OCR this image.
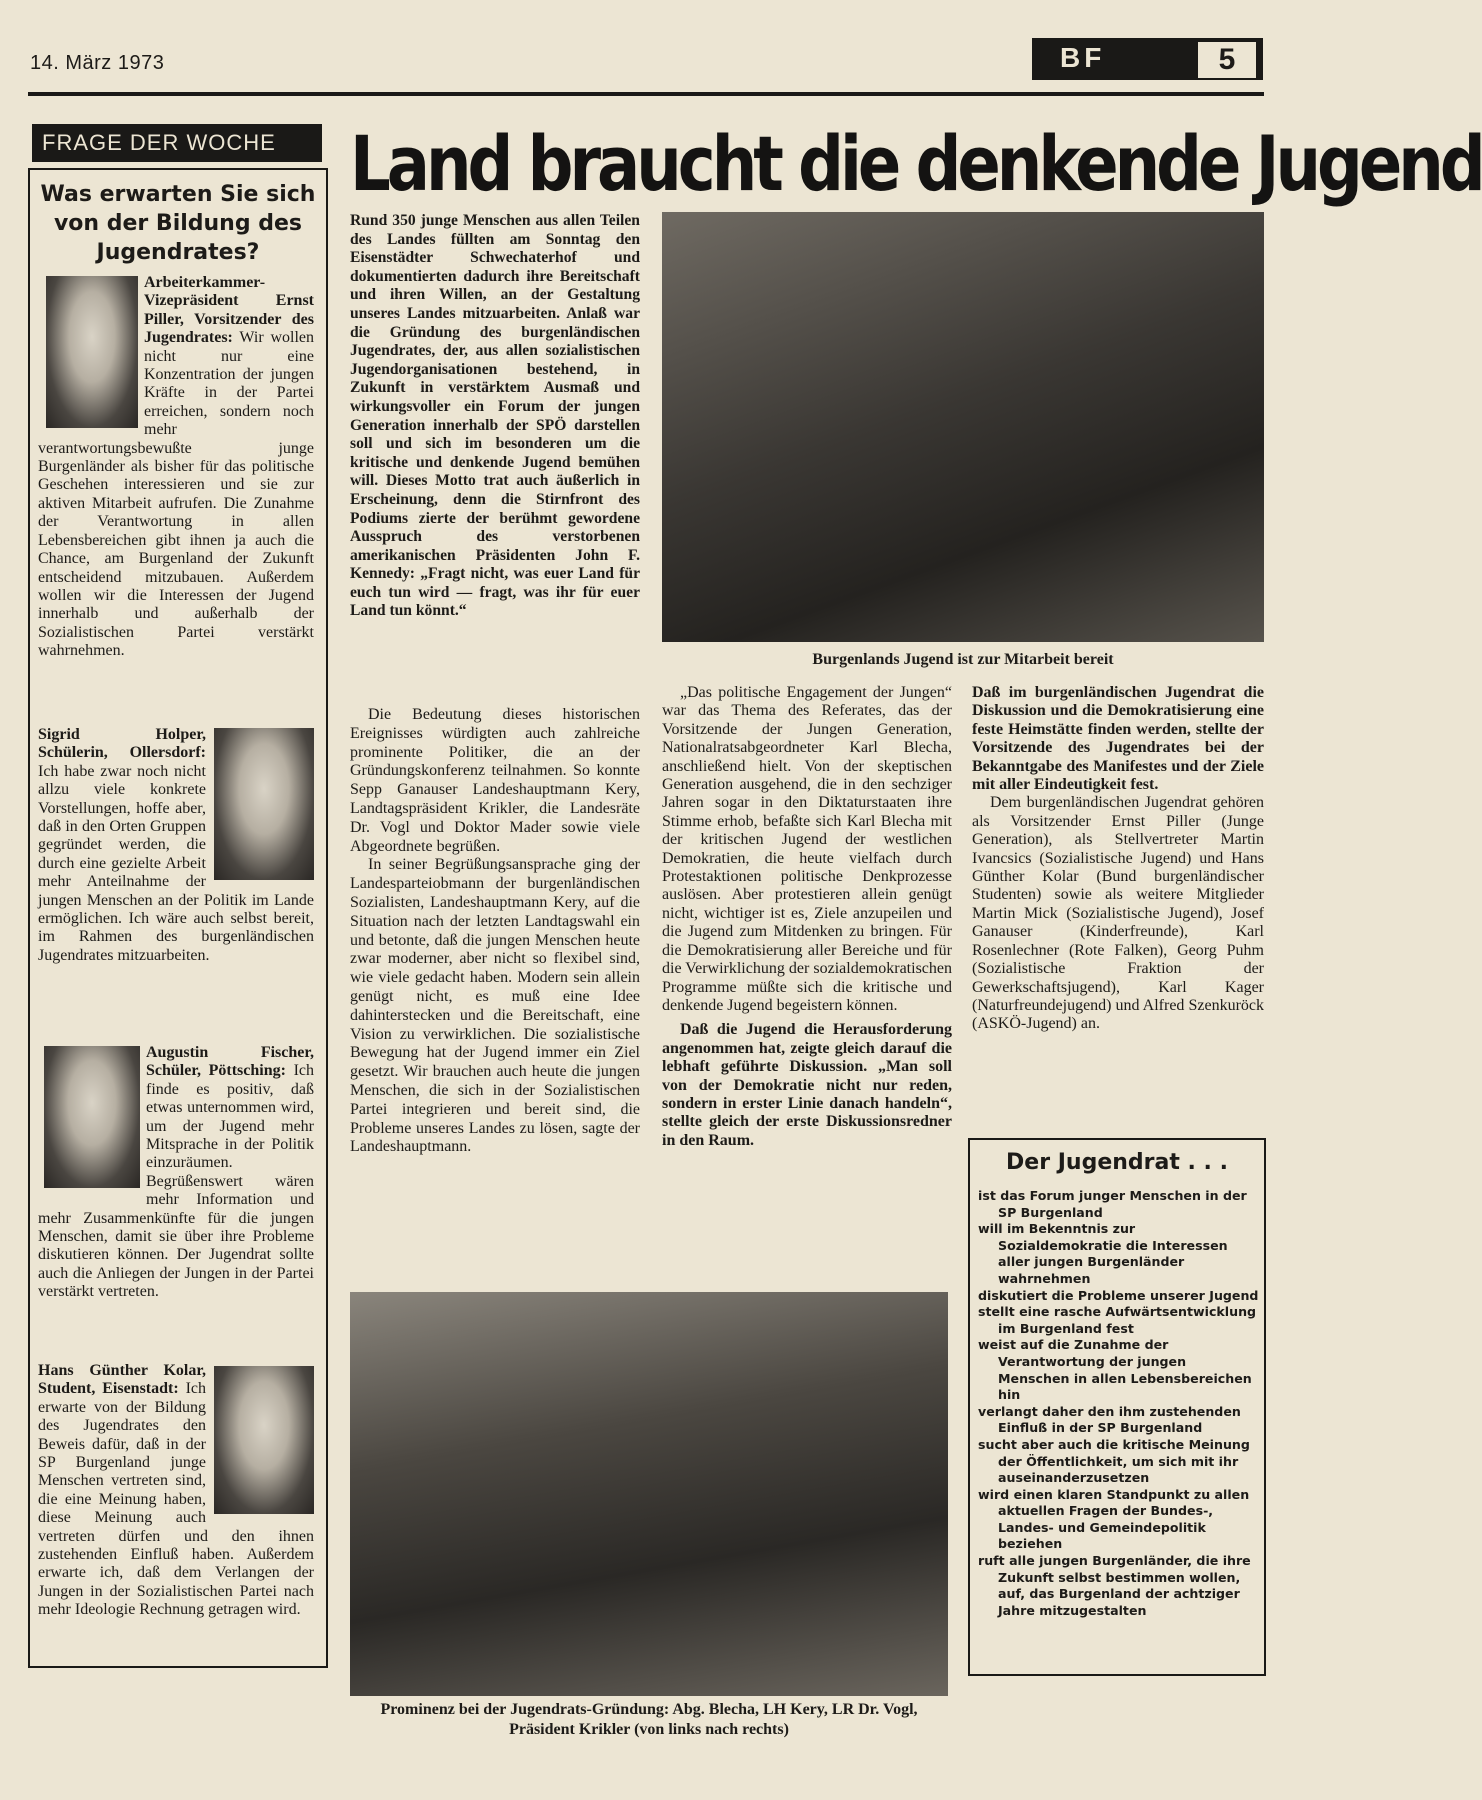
14. März 1973	BF	5
FRAGE DER WOCHE
Was erwarten Sie sich von der Bildung des Jugendrates?
Arbeiterkammer-Vizepräsident Ernst Piller, Vorsitzender des Jugendrates: Wir wollen nicht nur eine Konzentration der jungen Kräfte in der Partei erreichen, sondern noch mehr verantwortungsbewußte junge Burgenländer als bisher für das politische Geschehen interessieren und sie zur aktiven Mitarbeit aufrufen. Die Zunahme der Verantwortung in allen Lebensbereichen gibt ihnen ja auch die Chance, am Burgenland der Zukunft entscheidend mitzubauen. Außerdem wollen wir die Interessen der Jugend innerhalb und außerhalb der Sozialistischen Partei verstärkt wahrnehmen.
Sigrid Holper, Schülerin, Ollersdorf: Ich habe zwar noch nicht allzu viele konkrete Vorstellungen, hoffe aber, daß in den Orten Gruppen gegründet werden, die durch eine gezielte Arbeit mehr Anteilnahme der jungen Menschen an der Politik im Lande ermöglichen. Ich wäre auch selbst bereit, im Rahmen des burgenländischen Jugendrates mitzuarbeiten.
Augustin Fischer, Schüler, Pöttsching: Ich finde es positiv, daß etwas unternommen wird, um der Jugend mehr Mitsprache in der Politik einzuräumen. Begrüßenswert wären mehr Information und mehr Zusammenkünfte für die jungen Menschen, damit sie über ihre Probleme diskutieren können. Der Jugendrat sollte auch die Anliegen der Jungen in der Partei verstärkt vertreten.
Hans Günther Kolar, Student, Eisenstadt: Ich erwarte von der Bildung des Jugendrates den Beweis dafür, daß in der SP Burgenland junge Menschen vertreten sind, die eine Meinung haben, diese Meinung auch vertreten dürfen und den ihnen zustehenden Einfluß haben. Außerdem erwarte ich, daß dem Verlangen der Jungen in der Sozialistischen Partei nach mehr Ideologie Rechnung getragen wird.
Land braucht die denkende Jugend
Rund 350 junge Menschen aus allen Teilen des Landes füllten am Sonntag den Eisenstädter Schwechaterhof und dokumentierten dadurch ihre Bereitschaft und ihren Willen, an der Gestaltung unseres Landes mitzuarbeiten. Anlaß war die Gründung des burgenländischen Jugendrates, der, aus allen sozialistischen Jugendorganisationen bestehend, in Zukunft in verstärktem Ausmaß und wirkungsvoller ein Forum der jungen Generation innerhalb der SPÖ darstellen soll und sich im besonderen um die kritische und denkende Jugend bemühen will. Dieses Motto trat auch äußerlich in Erscheinung, denn die Stirnfront des Podiums zierte der berühmt gewordene Ausspruch des verstorbenen amerikanischen Präsidenten John F. Kennedy: „Fragt nicht, was euer Land für euch tun wird — fragt, was ihr für euer Land tun könnt.“

Die Bedeutung dieses historischen Ereignisses würdigten auch zahlreiche prominente Politiker, die an der Gründungskonferenz teilnahmen. So konnte Sepp Ganauser Landeshauptmann Kery, Landtagspräsident Krikler, die Landesräte Dr. Vogl und Doktor Mader sowie viele Abgeordnete begrüßen.

In seiner Begrüßungsansprache ging der Landesparteiobmann der burgenländischen Sozialisten, Landeshauptmann Kery, auf die Situation nach der letzten Landtagswahl ein und betonte, daß die jungen Menschen heute zwar moderner, aber nicht so flexibel sind, wie viele gedacht haben. Modern sein allein genügt nicht, es muß eine Idee dahinterstecken und die Bereitschaft, eine Vision zu verwirklichen. Die sozialistische Bewegung hat der Jugend immer ein Ziel gesetzt. Wir brauchen auch heute die jungen Menschen, die sich in der Sozialistischen Partei integrieren und bereit sind, die Probleme unseres Landes zu lösen, sagte der Landeshauptmann.

Burgenlands Jugend ist zur Mitarbeit bereit

„Das politische Engagement der Jungen“ war das Thema des Referates, das der Vorsitzende der Jungen Generation, Nationalratsabgeordneter Karl Blecha, anschließend hielt. Von der skeptischen Generation ausgehend, die in den sechziger Jahren sogar in den Diktaturstaaten ihre Stimme erhob, befaßte sich Karl Blecha mit der kritischen Jugend der westlichen Demokratien, die heute vielfach durch Protestaktionen politische Denkprozesse auslösen. Aber protestieren allein genügt nicht, wichtiger ist es, Ziele anzupeilen und die Jugend zum Mitdenken zu bringen. Für die Demokratisierung aller Bereiche und für die Verwirklichung der sozialdemokratischen Programme müßte sich die kritische und denkende Jugend begeistern können.

Daß die Jugend die Herausforderung angenommen hat, zeigte gleich darauf die lebhaft geführte Diskussion. „Man soll von der Demokratie nicht nur reden, sondern in erster Linie danach handeln“, stellte gleich der erste Diskussionsredner in den Raum.

Daß im burgenländischen Jugendrat die Diskussion und die Demokratisierung eine feste Heimstätte finden werden, stellte der Vorsitzende des Jugendrates bei der Bekanntgabe des Manifestes und der Ziele mit aller Eindeutigkeit fest.

Dem burgenländischen Jugendrat gehören als Vorsitzender Ernst Piller (Junge Generation), als Stellvertreter Martin Ivancsics (Sozialistische Jugend) und Hans Günther Kolar (Bund burgenländischer Studenten) sowie als weitere Mitglieder Martin Mick (Sozialistische Jugend), Josef Ganauser (Kinderfreunde), Karl Rosenlechner (Rote Falken), Georg Puhm (Sozialistische Fraktion der Gewerkschaftsjugend), Karl Kager (Naturfreundejugend) und Alfred Szenkuröck (ASKÖ-Jugend) an.

Prominenz bei der Jugendrats-Gründung: Abg. Blecha, LH Kery, LR Dr. Vogl, Präsident Krikler (von links nach rechts)
Der Jugendrat . . .
ist das Forum junger Menschen in der SP Burgenland
will im Bekenntnis zur Sozialdemokratie die Interessen aller jungen Burgenländer wahrnehmen
diskutiert die Probleme unserer Jugend
stellt eine rasche Aufwärtsentwicklung im Burgenland fest
weist auf die Zunahme der Verantwortung der jungen Menschen in allen Lebensbereichen hin
verlangt daher den ihm zustehenden Einfluß in der SP Burgenland
sucht aber auch die kritische Meinung der Öffentlichkeit, um sich mit ihr auseinanderzusetzen
wird einen klaren Standpunkt zu allen aktuellen Fragen der Bundes-, Landes- und Gemeindepolitik beziehen
ruft alle jungen Burgenländer, die ihre Zukunft selbst bestimmen wollen, auf, das Burgenland der achtziger Jahre mitzugestalten
